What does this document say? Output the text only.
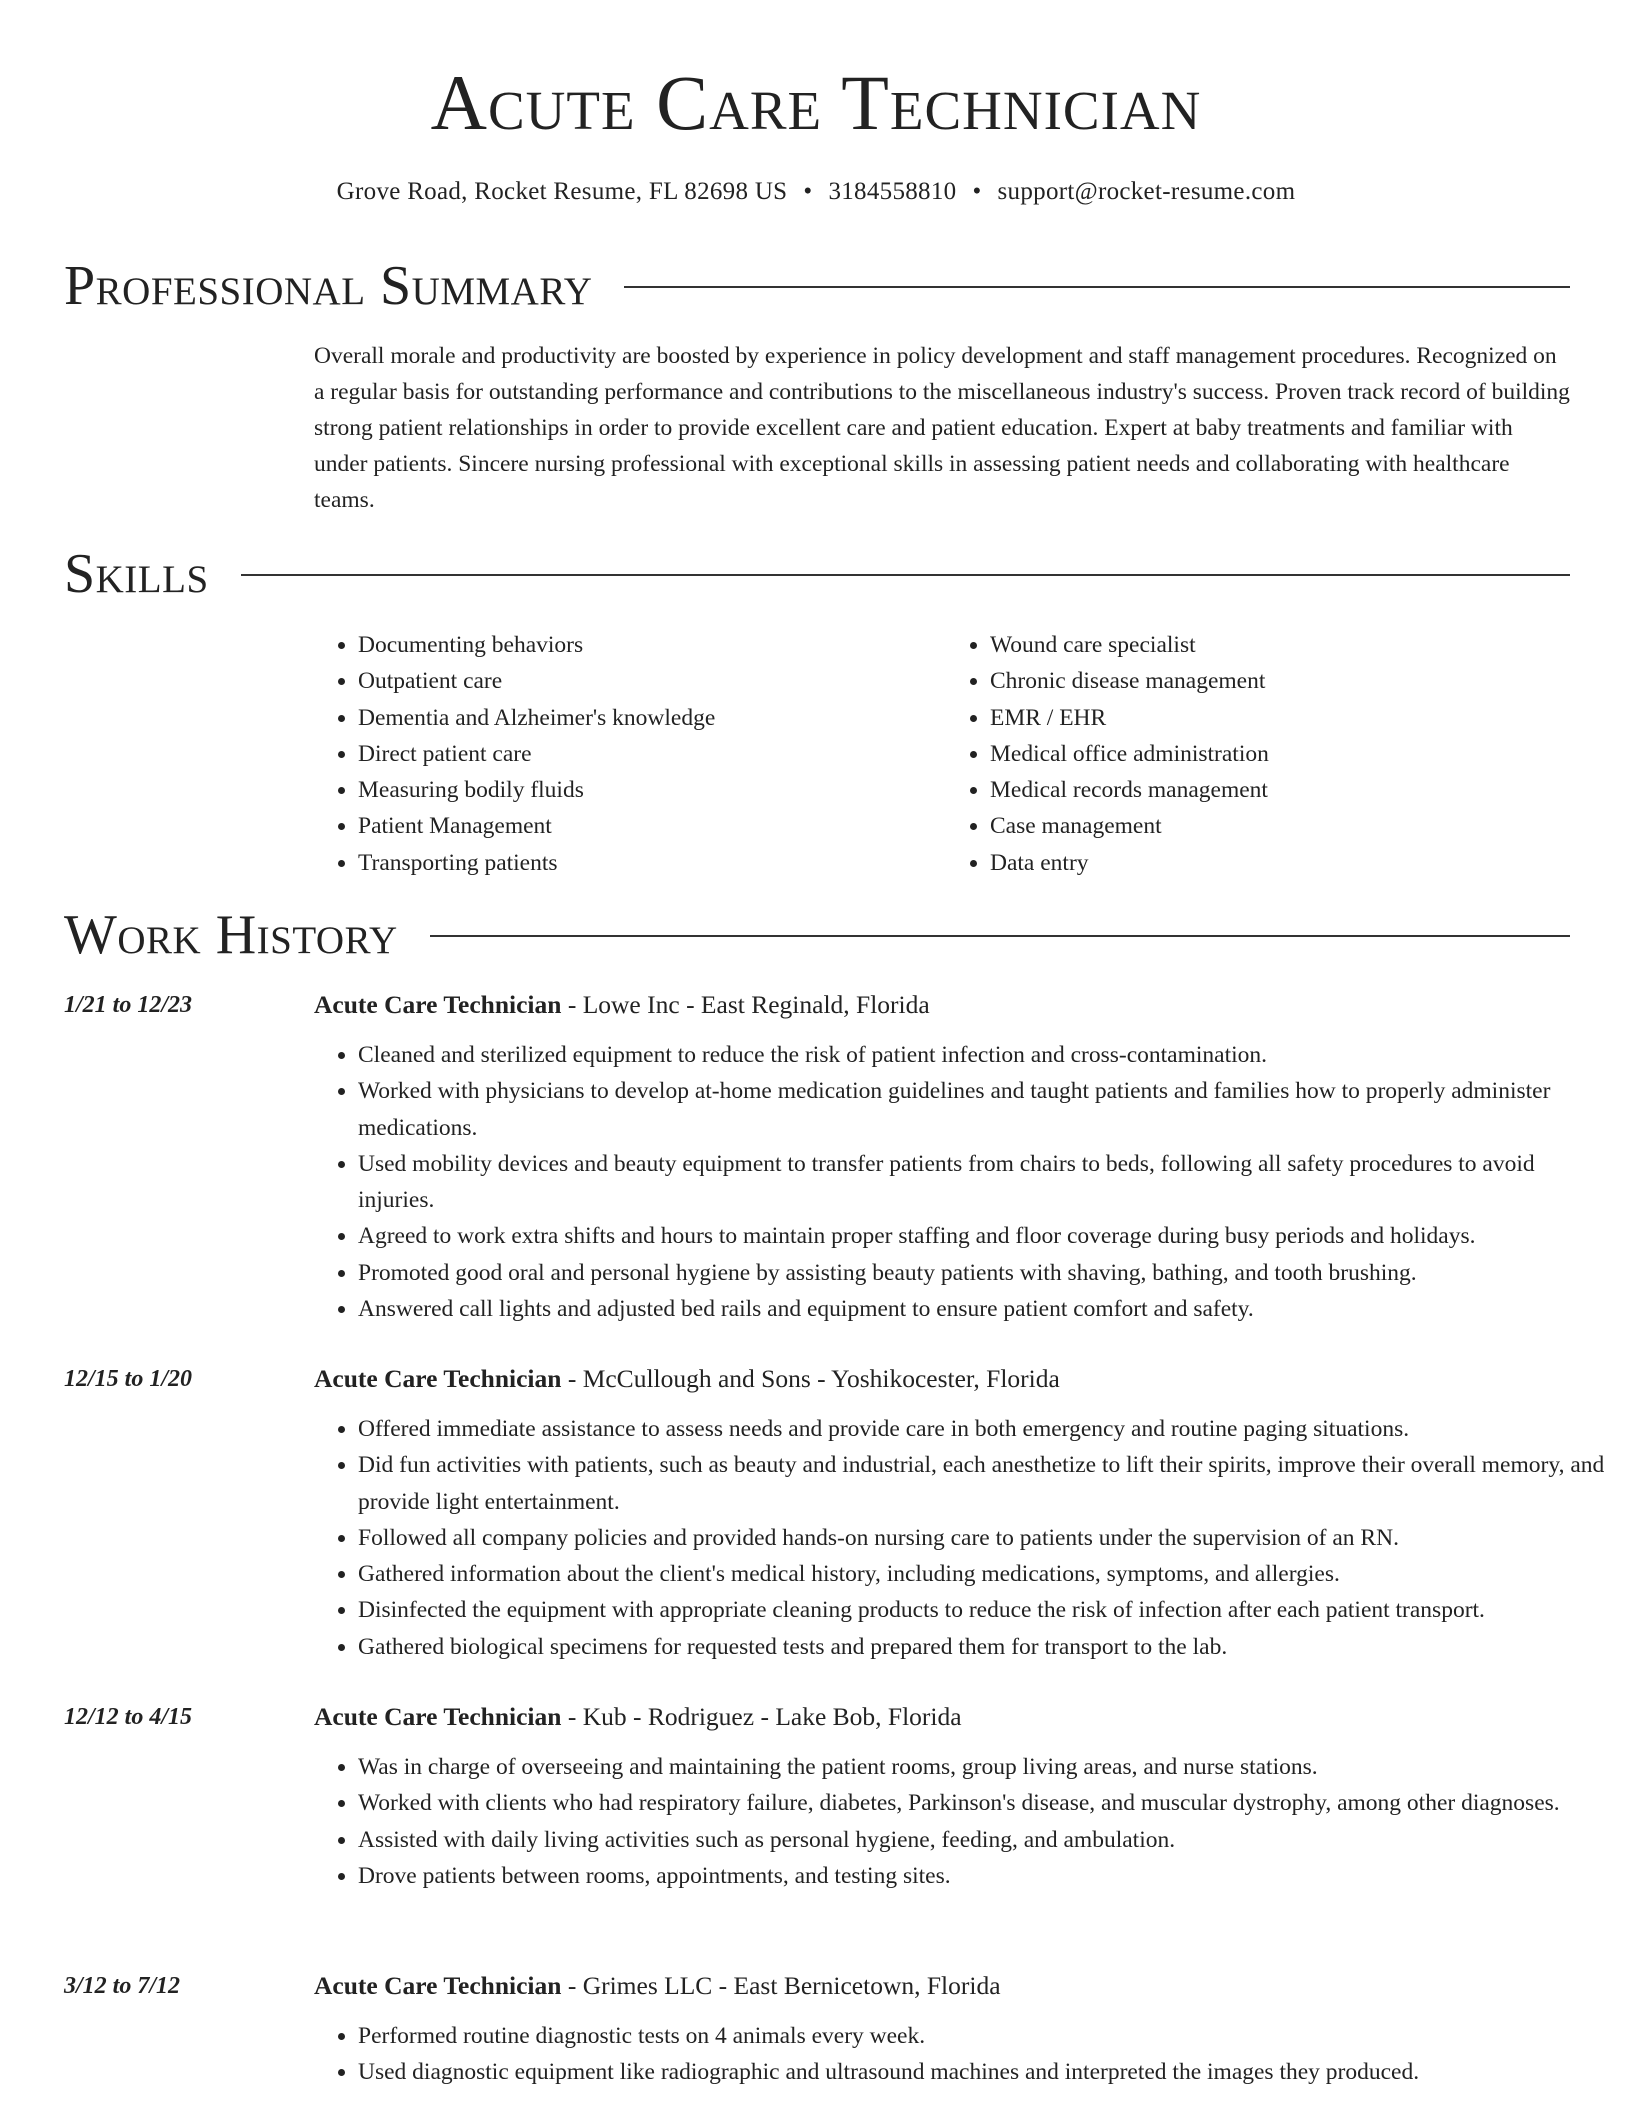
Acute Care Technician
Grove Road, Rocket Resume, FL 82698 US • 3184558810 • support@rocket-resume.com
Professional Summary

Overall morale and productivity are boosted by experience in policy development and staff management procedures. Recognized on a regular basis for outstanding performance and contributions to the miscellaneous industry's success. Proven track record of building strong patient relationships in order to provide excellent care and patient education. Expert at baby treatments and familiar with under patients. Sincere nursing professional with exceptional skills in assessing patient needs and collaborating with healthcare teams.

Skills
• Documenting behaviors
• Outpatient care
• Dementia and Alzheimer's knowledge
• Direct patient care
• Measuring bodily fluids
• Patient Management
• Transporting patients
• Wound care specialist
• Chronic disease management
• EMR / EHR
• Medical office administration
• Medical records management
• Case management
• Data entry
Work History
1/21 to 12/23	Acute Care Technician - Lowe Inc - East Reginald, Florida
• Cleaned and sterilized equipment to reduce the risk of patient infection and cross-contamination.
• Worked with physicians to develop at-home medication guidelines and taught patients and families how to properly administer medications.
• Used mobility devices and beauty equipment to transfer patients from chairs to beds, following all safety procedures to avoid injuries.
• Agreed to work extra shifts and hours to maintain proper staffing and floor coverage during busy periods and holidays.
• Promoted good oral and personal hygiene by assisting beauty patients with shaving, bathing, and tooth brushing.
• Answered call lights and adjusted bed rails and equipment to ensure patient comfort and safety.
12/15 to 1/20	Acute Care Technician - McCullough and Sons - Yoshikocester, Florida
• Offered immediate assistance to assess needs and provide care in both emergency and routine paging situations.
• Did fun activities with patients, such as beauty and industrial, each anesthetize to lift their spirits, improve their overall memory, and provide light entertainment.
• Followed all company policies and provided hands-on nursing care to patients under the supervision of an RN.
• Gathered information about the client's medical history, including medications, symptoms, and allergies.
• Disinfected the equipment with appropriate cleaning products to reduce the risk of infection after each patient transport.
• Gathered biological specimens for requested tests and prepared them for transport to the lab.
12/12 to 4/15	Acute Care Technician - Kub - Rodriguez - Lake Bob, Florida
• Was in charge of overseeing and maintaining the patient rooms, group living areas, and nurse stations.
• Worked with clients who had respiratory failure, diabetes, Parkinson's disease, and muscular dystrophy, among other diagnoses.
• Assisted with daily living activities such as personal hygiene, feeding, and ambulation.
• Drove patients between rooms, appointments, and testing sites.
3/12 to 7/12	Acute Care Technician - Grimes LLC - East Bernicetown, Florida
• Performed routine diagnostic tests on 4 animals every week.
• Used diagnostic equipment like radiographic and ultrasound machines and interpreted the images they produced.
